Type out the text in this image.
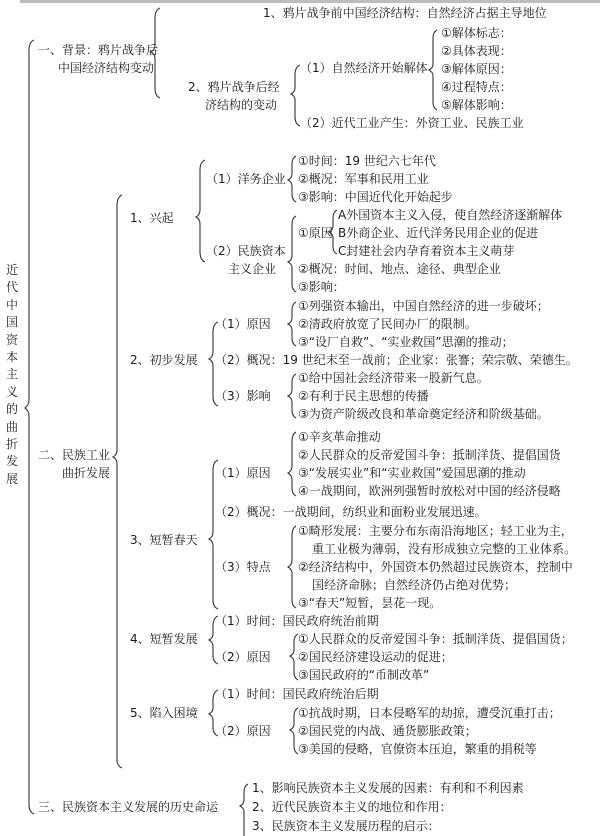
近代中国资本主义的曲折发展
1、鸦片战争前中国经济结构：自然经济占据主导地位
①解体标志：
②具体表现：
③解体原因：
④过程特点：
⑤解体影响：
一、背景：鸦片战争后
中国经济结构变动	（1）自然经济开始解体
2、鸦片战争后经
济结构的变动
（2）近代工业产生：外资工业、民族工业
①时间：19 世纪六七年代
（1）洋务企业 ②概况：军事和民用工业
③影响：中国近代化开始起步
1、兴起	A外国资本主义入侵，使自然经济逐渐解体
①原因 B外商企业、近代洋务民用企业的促进
C封建社会内孕育着资本主义萌芽
（2）民族资本
主义企业 ②概况：时间、地点、途径、典型企业
③影响：
①列强资本输出，中国自然经济的进一步破坏；
（1）原因 ②清政府放宽了民间办厂的限制。
③“设厂自救”、“实业救国”思潮的推动；
2、初步发展 （2）概况：19 世纪末至一战前；企业家：张謇；荣宗敬、荣德生。
①给中国社会经济带来一股新气息。
（3）影响 ②有利于民主思想的传播
③为资产阶级改良和革命奠定经济和阶级基础。
①辛亥革命推动
二、民族工业	②人民群众的反帝爱国斗争：抵制洋货、提倡国货
曲折发展	（1）原因 ③“发展实业”和“实业救国”爱国思潮的推动
④一战期间，欧洲列强暂时放松对中国的经济侵略
（2）概况：一战期间，纺织业和面粉业发展迅速。
①畸形发展：主要分布东南沿海地区；轻工业为主，
3、短暂春天
重工业极为薄弱，没有形成独立完整的工业体系。
（3）特点 ②经济结构中，外国资本仍然超过民族资本，控制中
国经济命脉；自然经济仍占绝对优势；
③“春天”短暂，昙花一现。
（1）时间：国民政府统治前期
4、短暂发展	①人民群众的反帝爱国斗争：抵制洋货、提倡国货；
（2）原因 ②国民经济建设运动的促进；
③国民政府的“币制改革”
（1）时间：国民政府统治后期
5、陷入困境	①抗战时期，日本侵略军的劫掠，遭受沉重打击；
（2）原因 ②国民党的内战、通货膨胀政策；
③美国的侵略，官僚资本压迫，繁重的捐税等
1、影响民族资本主义发展的因素：有利和不利因素
三、民族资本主义发展的历史命运	2、近代民族资本主义的地位和作用：
3、民族资本主义发展历程的启示：
